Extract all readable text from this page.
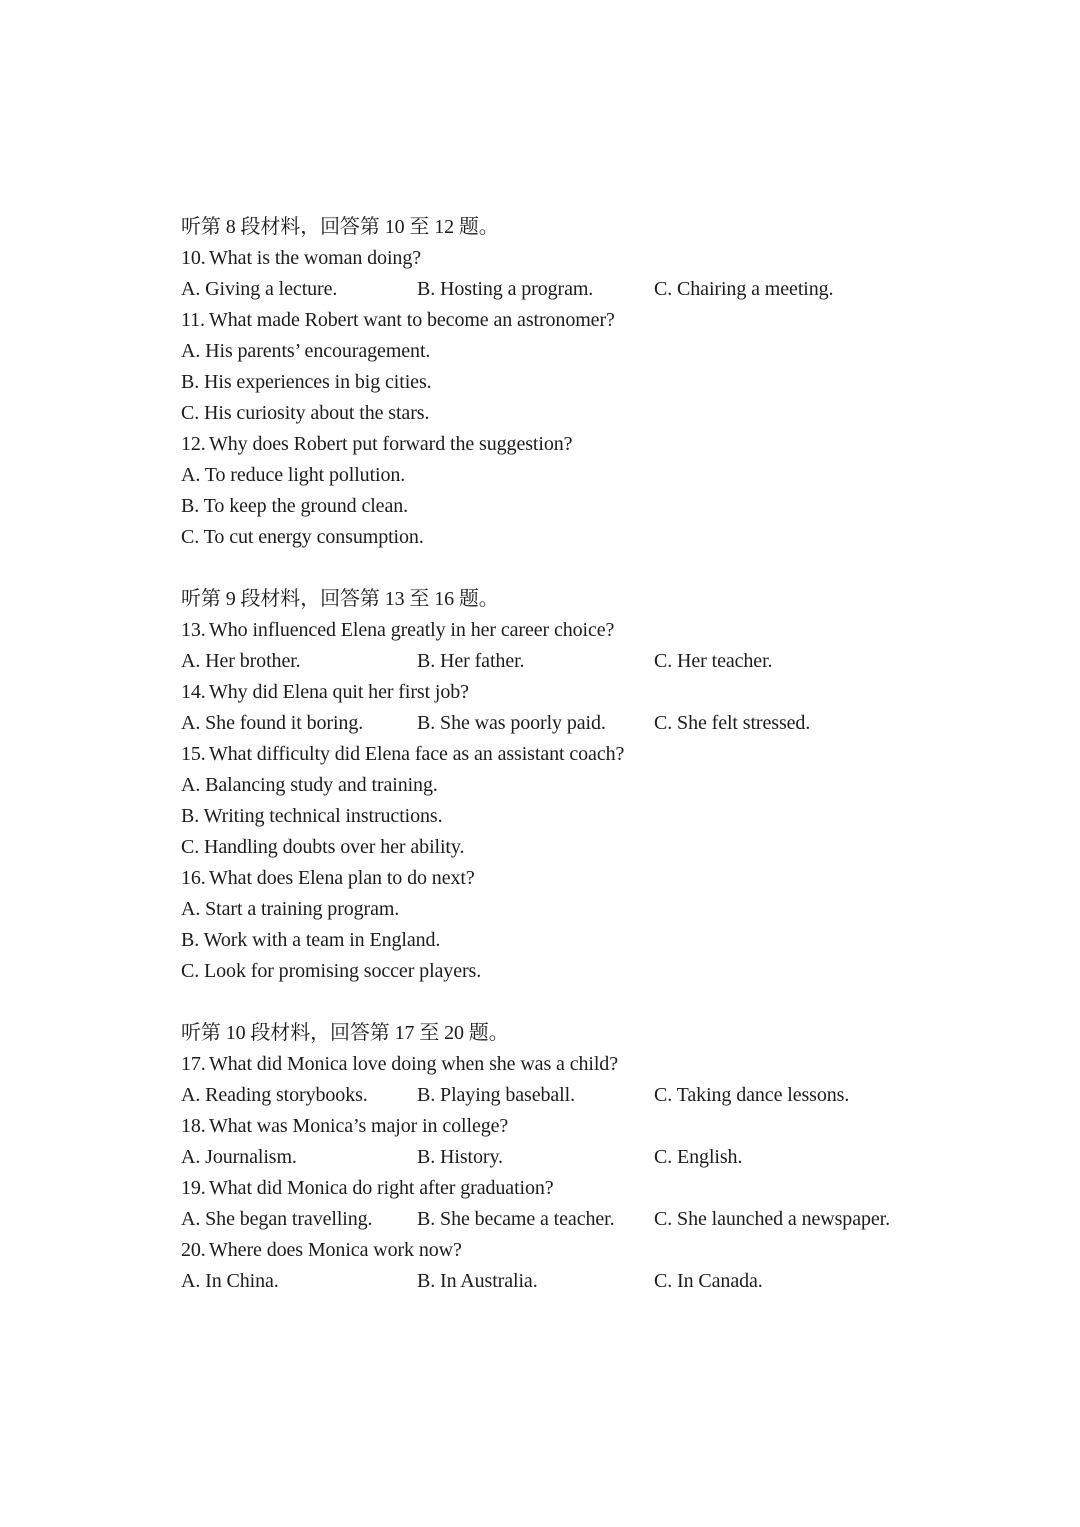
听第 8 段材料，回答第 10 至 12 题。

10. What is the woman doing?

A. Giving a lecture.	B. Hosting a program.	C. Chairing a meeting.

11. What made Robert want to become an astronomer?

A. His parents’ encouragement.

B. His experiences in big cities.

C. His curiosity about the stars.

12. Why does Robert put forward the suggestion?

A. To reduce light pollution.

B. To keep the ground clean.

C. To cut energy consumption.

听第 9 段材料，回答第 13 至 16 题。

13. Who influenced Elena greatly in her career choice?

A. Her brother.	B. Her father.	C. Her teacher.

14. Why did Elena quit her first job?

A. She found it boring.	B. She was poorly paid.	C. She felt stressed.

15. What difficulty did Elena face as an assistant coach?

A. Balancing study and training.

B. Writing technical instructions.

C. Handling doubts over her ability.

16. What does Elena plan to do next?

A. Start a training program.

B. Work with a team in England.

C. Look for promising soccer players.

听第 10 段材料，回答第 17 至 20 题。

17. What did Monica love doing when she was a child?

A. Reading storybooks.	B. Playing baseball.	C. Taking dance lessons.

18. What was Monica’s major in college?

A. Journalism.	B. History.	C. English.

19. What did Monica do right after graduation?

A. She began travelling.	B. She became a teacher.	C. She launched a newspaper.

20. Where does Monica work now?

A. In China.	B. In Australia.	C. In Canada.
